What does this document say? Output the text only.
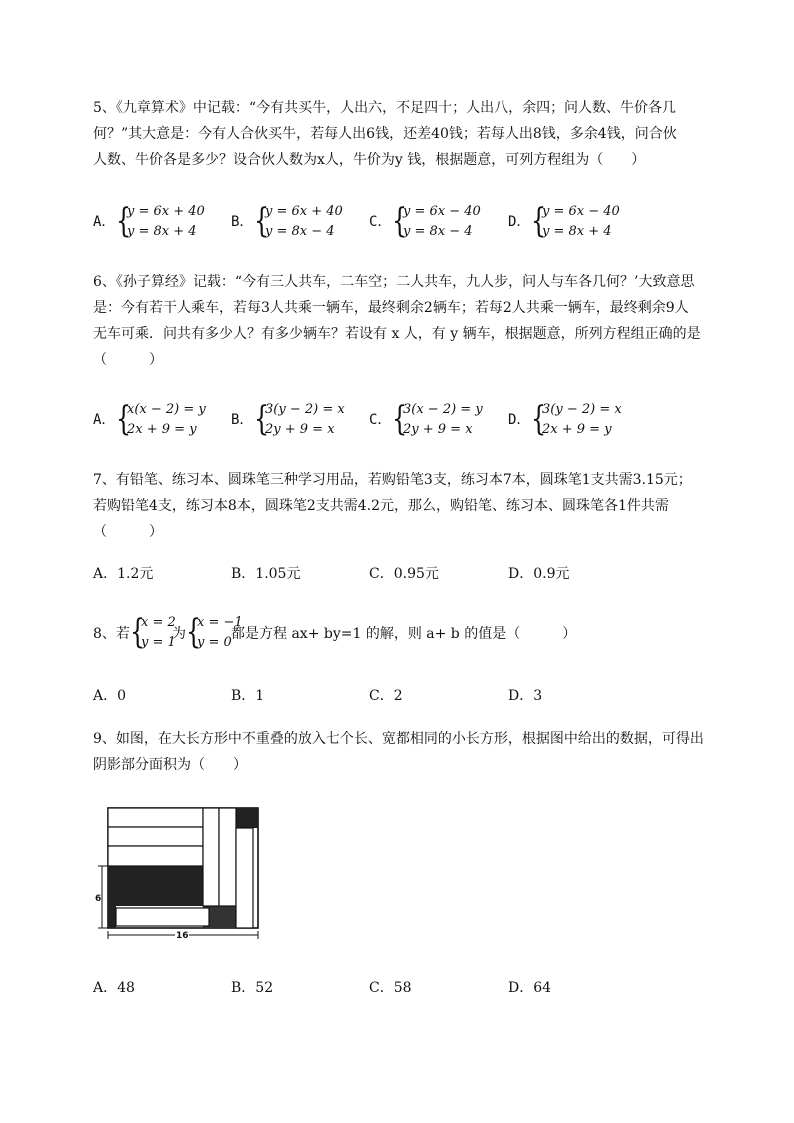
5、《九章算术》中记载：“今有共买牛，人出六，不足四十；人出八，余四；问人数、牛价各几
何？”其大意是：今有人合伙买牛，若每人出6钱，还差40钱；若每人出8钱，多余4钱，问合伙
人数、牛价各是多少？设合伙人数为x人，牛价为y 钱，根据题意，可列方程组为（　　）
A． {
y = 6x + 40
y = 8x + 4
B． {
y = 6x + 40
y = 8x − 4
C． {
y = 6x − 40
y = 8x − 4
D． {
y = 6x − 40
y = 8x + 4
6、《孙子算经》记载：“今有三人共车，二车空；二人共车，九人步，问人与车各几何？’大致意思
是：今有若干人乘车，若每3人共乘一辆车，最终剩余2辆车；若每2人共乘一辆车，最终剩余9人
无车可乘．问共有多少人？有多少辆车？若设有 x 人，有 y 辆车，根据题意，所列方程组正确的是
（　　　）
A． {
x(x − 2) = y
2x + 9 = y
B． {
3(y − 2) = x
2y + 9 = x
C． {
3(x − 2) = y
2y + 9 = x
D． {
3(y − 2) = x
2x + 9 = y
7、有铅笔、练习本、圆珠笔三种学习用品，若购铅笔3支，练习本7本，圆珠笔1支共需3.15元；
若购铅笔4支，练习本8本，圆珠笔2支共需4.2元，那么，购铅笔、练习本、圆珠笔各1件共需
（　　　）
A．1.2元	B．1.05元	C．0.95元	D．0.9元
8、若 {
x = 2
y = 1
为 {
x = −1
y = 0
都是方程 ax+ by=1 的解，则 a+ b 的值是（　　　）
A．0	B．1	C．2	D．3
9、如图，在大长方形中不重叠的放入七个长、宽都相同的小长方形，根据图中给出的数据，可得出
阴影部分面积为（　　）
6
16
A．48	B．52	C．58	D．64
